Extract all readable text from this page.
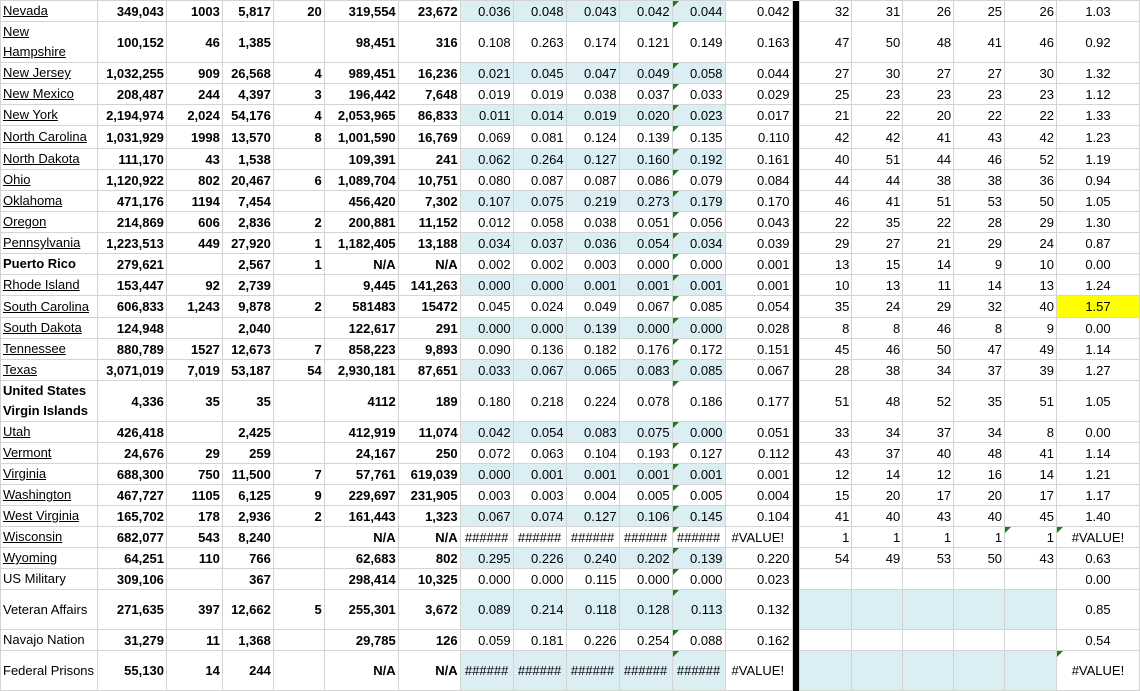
Nevada	349,043	1003	5,817	20	319,554	23,672	0.036	0.048	0.043	0.042	0.044	0.042		32	31	26	25	26	1.03
New Hampshire	100,152	46	1,385		98,451	316	0.108	0.263	0.174	0.121	0.149	0.163		47	50	48	41	46	0.92
New Jersey	1,032,255	909	26,568	4	989,451	16,236	0.021	0.045	0.047	0.049	0.058	0.044		27	30	27	27	30	1.32
New Mexico	208,487	244	4,397	3	196,442	7,648	0.019	0.019	0.038	0.037	0.033	0.029		25	23	23	23	23	1.12
New York	2,194,974	2,024	54,176	4	2,053,965	86,833	0.011	0.014	0.019	0.020	0.023	0.017		21	22	20	22	22	1.33
North Carolina	1,031,929	1998	13,570	8	1,001,590	16,769	0.069	0.081	0.124	0.139	0.135	0.110		42	42	41	43	42	1.23
North Dakota	111,170	43	1,538		109,391	241	0.062	0.264	0.127	0.160	0.192	0.161		40	51	44	46	52	1.19
Ohio	1,120,922	802	20,467	6	1,089,704	10,751	0.080	0.087	0.087	0.086	0.079	0.084		44	44	38	38	36	0.94
Oklahoma	471,176	1194	7,454		456,420	7,302	0.107	0.075	0.219	0.273	0.179	0.170		46	41	51	53	50	1.05
Oregon	214,869	606	2,836	2	200,881	11,152	0.012	0.058	0.038	0.051	0.056	0.043		22	35	22	28	29	1.30
Pennsylvania	1,223,513	449	27,920	1	1,182,405	13,188	0.034	0.037	0.036	0.054	0.034	0.039		29	27	21	29	24	0.87
Puerto Rico	279,621		2,567	1	N/A	N/A	0.002	0.002	0.003	0.000	0.000	0.001		13	15	14	9	10	0.00
Rhode Island	153,447	92	2,739		9,445	141,263	0.000	0.000	0.001	0.001	0.001	0.001		10	13	11	14	13	1.24
South Carolina	606,833	1,243	9,878	2	581483	15472	0.045	0.024	0.049	0.067	0.085	0.054		35	24	29	32	40	1.57
South Dakota	124,948		2,040		122,617	291	0.000	0.000	0.139	0.000	0.000	0.028		8	8	46	8	9	0.00
Tennessee	880,789	1527	12,673	7	858,223	9,893	0.090	0.136	0.182	0.176	0.172	0.151		45	46	50	47	49	1.14
Texas	3,071,019	7,019	53,187	54	2,930,181	87,651	0.033	0.067	0.065	0.083	0.085	0.067		28	38	34	37	39	1.27
United States Virgin Islands	4,336	35	35		4112	189	0.180	0.218	0.224	0.078	0.186	0.177		51	48	52	35	51	1.05
Utah	426,418		2,425		412,919	11,074	0.042	0.054	0.083	0.075	0.000	0.051		33	34	37	34	8	0.00
Vermont	24,676	29	259		24,167	250	0.072	0.063	0.104	0.193	0.127	0.112		43	37	40	48	41	1.14
Virginia	688,300	750	11,500	7	57,761	619,039	0.000	0.001	0.001	0.001	0.001	0.001		12	14	12	16	14	1.21
Washington	467,727	1105	6,125	9	229,697	231,905	0.003	0.003	0.004	0.005	0.005	0.004		15	20	17	20	17	1.17
West Virginia	165,702	178	2,936	2	161,443	1,323	0.067	0.074	0.127	0.106	0.145	0.104		41	40	43	40	45	1.40
Wisconsin	682,077	543	8,240		N/A	N/A	######	######	######	######	######	#VALUE!		1	1	1	1	1	#VALUE!
Wyoming	64,251	110	766		62,683	802	0.295	0.226	0.240	0.202	0.139	0.220		54	49	53	50	43	0.63
US Military	309,106		367		298,414	10,325	0.000	0.000	0.115	0.000	0.000	0.023							0.00
Veteran Affairs	271,635	397	12,662	5	255,301	3,672	0.089	0.214	0.118	0.128	0.113	0.132							0.85
Navajo Nation	31,279	11	1,368		29,785	126	0.059	0.181	0.226	0.254	0.088	0.162							0.54
Federal Prisons	55,130	14	244		N/A	N/A	######	######	######	######	######	#VALUE!							#VALUE!
